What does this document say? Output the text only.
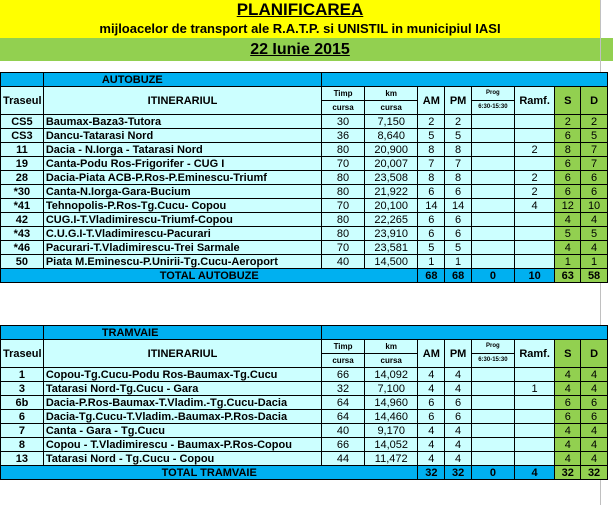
PLANIFICAREA
mijloacelor de transport ale R.A.T.P. si UNISTIL in municipiul IASI
22 Iunie 2015
	AUTOBUZE								
Traseul	ITINERARIUL	Timp	km	AM	PM	Prog	Ramf.	S	D
		cursa	cursa			6:30-15:30			
CS5	Baumax-Baza3-Tutora	30	7,150	2	2			2	2
CS3	Dancu-Tatarasi Nord	36	8,640	5	5			6	5
11	Dacia - N.Iorga - Tatarasi Nord	80	20,900	8	8		2	8	7
19	Canta-Podu Ros-Frigorifer - CUG I	70	20,007	7	7			6	7
28	Dacia-Piata ACB-P.Ros-P.Eminescu-Triumf	80	23,508	8	8		2	6	6
*30	Canta-N.Iorga-Gara-Bucium	80	21,922	6	6		2	6	6
*41	Tehnopolis-P.Ros-Tg.Cucu- Copou	70	20,100	14	14		4	12	10
42	CUG.I-T.Vladimirescu-Triumf-Copou	80	22,265	6	6			4	4
*43	C.U.G.I-T.Vladimirescu-Pacurari	80	23,910	6	6			5	5
*46	Pacurari-T.Vladimirescu-Trei Sarmale	70	23,581	5	5			4	4
50	Piata M.Eminescu-P.Unirii-Tg.Cucu-Aeroport	40	14,500	1	1			1	1
TOTAL AUTOBUZE				68	68	0	10	63	58
	TRAMVAIE								
Traseul	ITINERARIUL	Timp	km	AM	PM	Prog	Ramf.	S	D
		cursa	cursa			6:30-15:30			
1	Copou-Tg.Cucu-Podu Ros-Baumax-Tg.Cucu	66	14,092	4	4			4	4
3	Tatarasi Nord-Tg.Cucu - Gara	32	7,100	4	4		1	4	4
6b	Dacia-P.Ros-Baumax-T.Vladim.-Tg.Cucu-Dacia	64	14,960	6	6			6	6
6	Dacia-Tg.Cucu-T.Vladim.-Baumax-P.Ros-Dacia	64	14,460	6	6			6	6
7	Canta - Gara - Tg.Cucu	40	9,170	4	4			4	4
8	Copou - T.Vladimirescu - Baumax-P.Ros-Copou	66	14,052	4	4			4	4
13	Tatarasi Nord - Tg.Cucu - Copou	44	11,472	4	4			4	4
TOTAL TRAMVAIE				32	32	0	4	32	32
